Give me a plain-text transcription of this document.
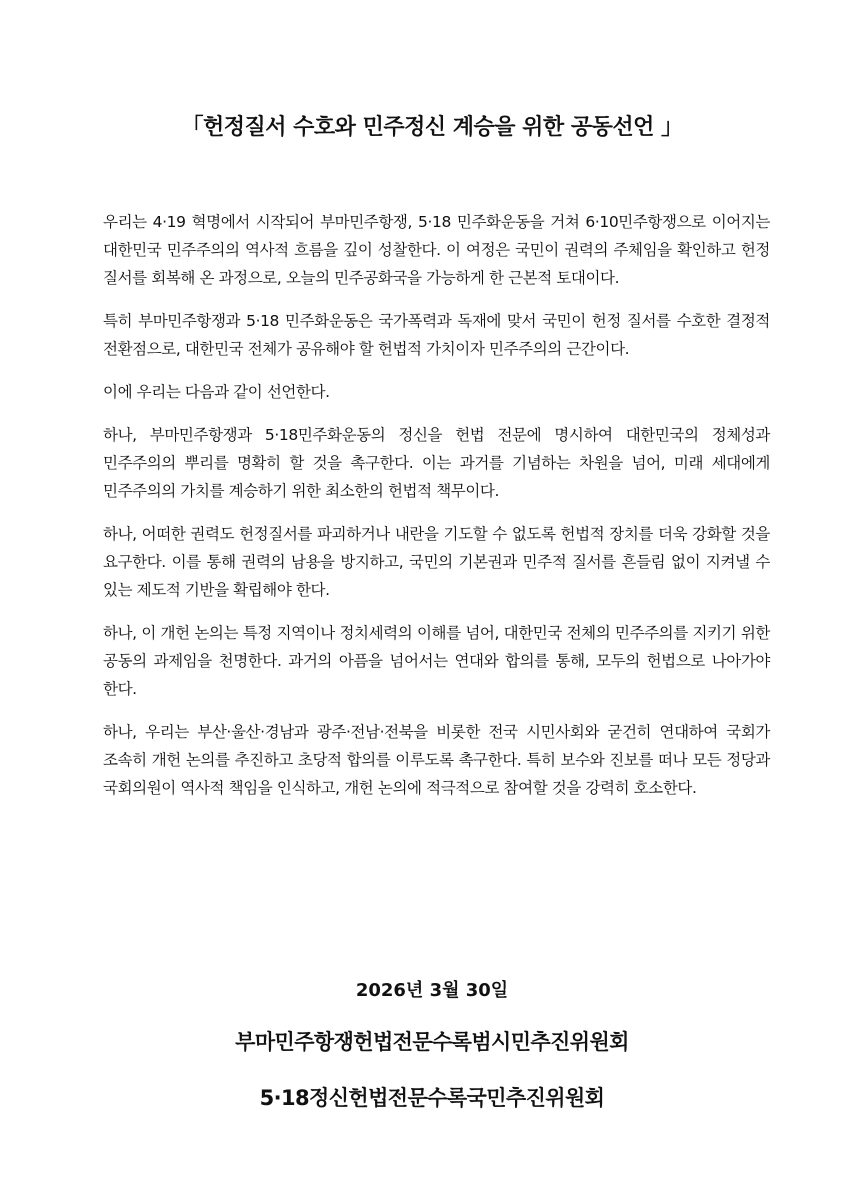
「헌정질서 수호와 민주정신 계승을 위한 공동선언 」

우리는 4·19 혁명에서 시작되어 부마민주항쟁, 5·18 민주화운동을 거쳐 6·10민주항쟁으로 이어지는 대한민국 민주주의의 역사적 흐름을 깊이 성찰한다. 이 여정은 국민이 권력의 주체임을 확인하고 헌정 질서를 회복해 온 과정으로, 오늘의 민주공화국을 가능하게 한 근본적 토대이다.

특히 부마민주항쟁과 5·18 민주화운동은 국가폭력과 독재에 맞서 국민이 헌정 질서를 수호한 결정적 전환점으로, 대한민국 전체가 공유해야 할 헌법적 가치이자 민주주의의 근간이다.

이에 우리는 다음과 같이 선언한다.

하나, 부마민주항쟁과 5·18민주화운동의 정신을 헌법 전문에 명시하여 대한민국의 정체성과 민주주의의 뿌리를 명확히 할 것을 촉구한다. 이는 과거를 기념하는 차원을 넘어, 미래 세대에게 민주주의의 가치를 계승하기 위한 최소한의 헌법적 책무이다.

하나, 어떠한 권력도 헌정질서를 파괴하거나 내란을 기도할 수 없도록 헌법적 장치를 더욱 강화할 것을 요구한다. 이를 통해 권력의 남용을 방지하고, 국민의 기본권과 민주적 질서를 흔들림 없이 지켜낼 수 있는 제도적 기반을 확립해야 한다.

하나, 이 개헌 논의는 특정 지역이나 정치세력의 이해를 넘어, 대한민국 전체의 민주주의를 지키기 위한 공동의 과제임을 천명한다. 과거의 아픔을 넘어서는 연대와 합의를 통해, 모두의 헌법으로 나아가야 한다.

하나, 우리는 부산·울산·경남과 광주·전남·전북을 비롯한 전국 시민사회와 굳건히 연대하여 국회가 조속히 개헌 논의를 추진하고 초당적 합의를 이루도록 촉구한다. 특히 보수와 진보를 떠나 모든 정당과 국회의원이 역사적 책임을 인식하고, 개헌 논의에 적극적으로 참여할 것을 강력히 호소한다.

2026년 3월 30일

부마민주항쟁헌법전문수록범시민추진위원회

5·18정신헌법전문수록국민추진위원회
